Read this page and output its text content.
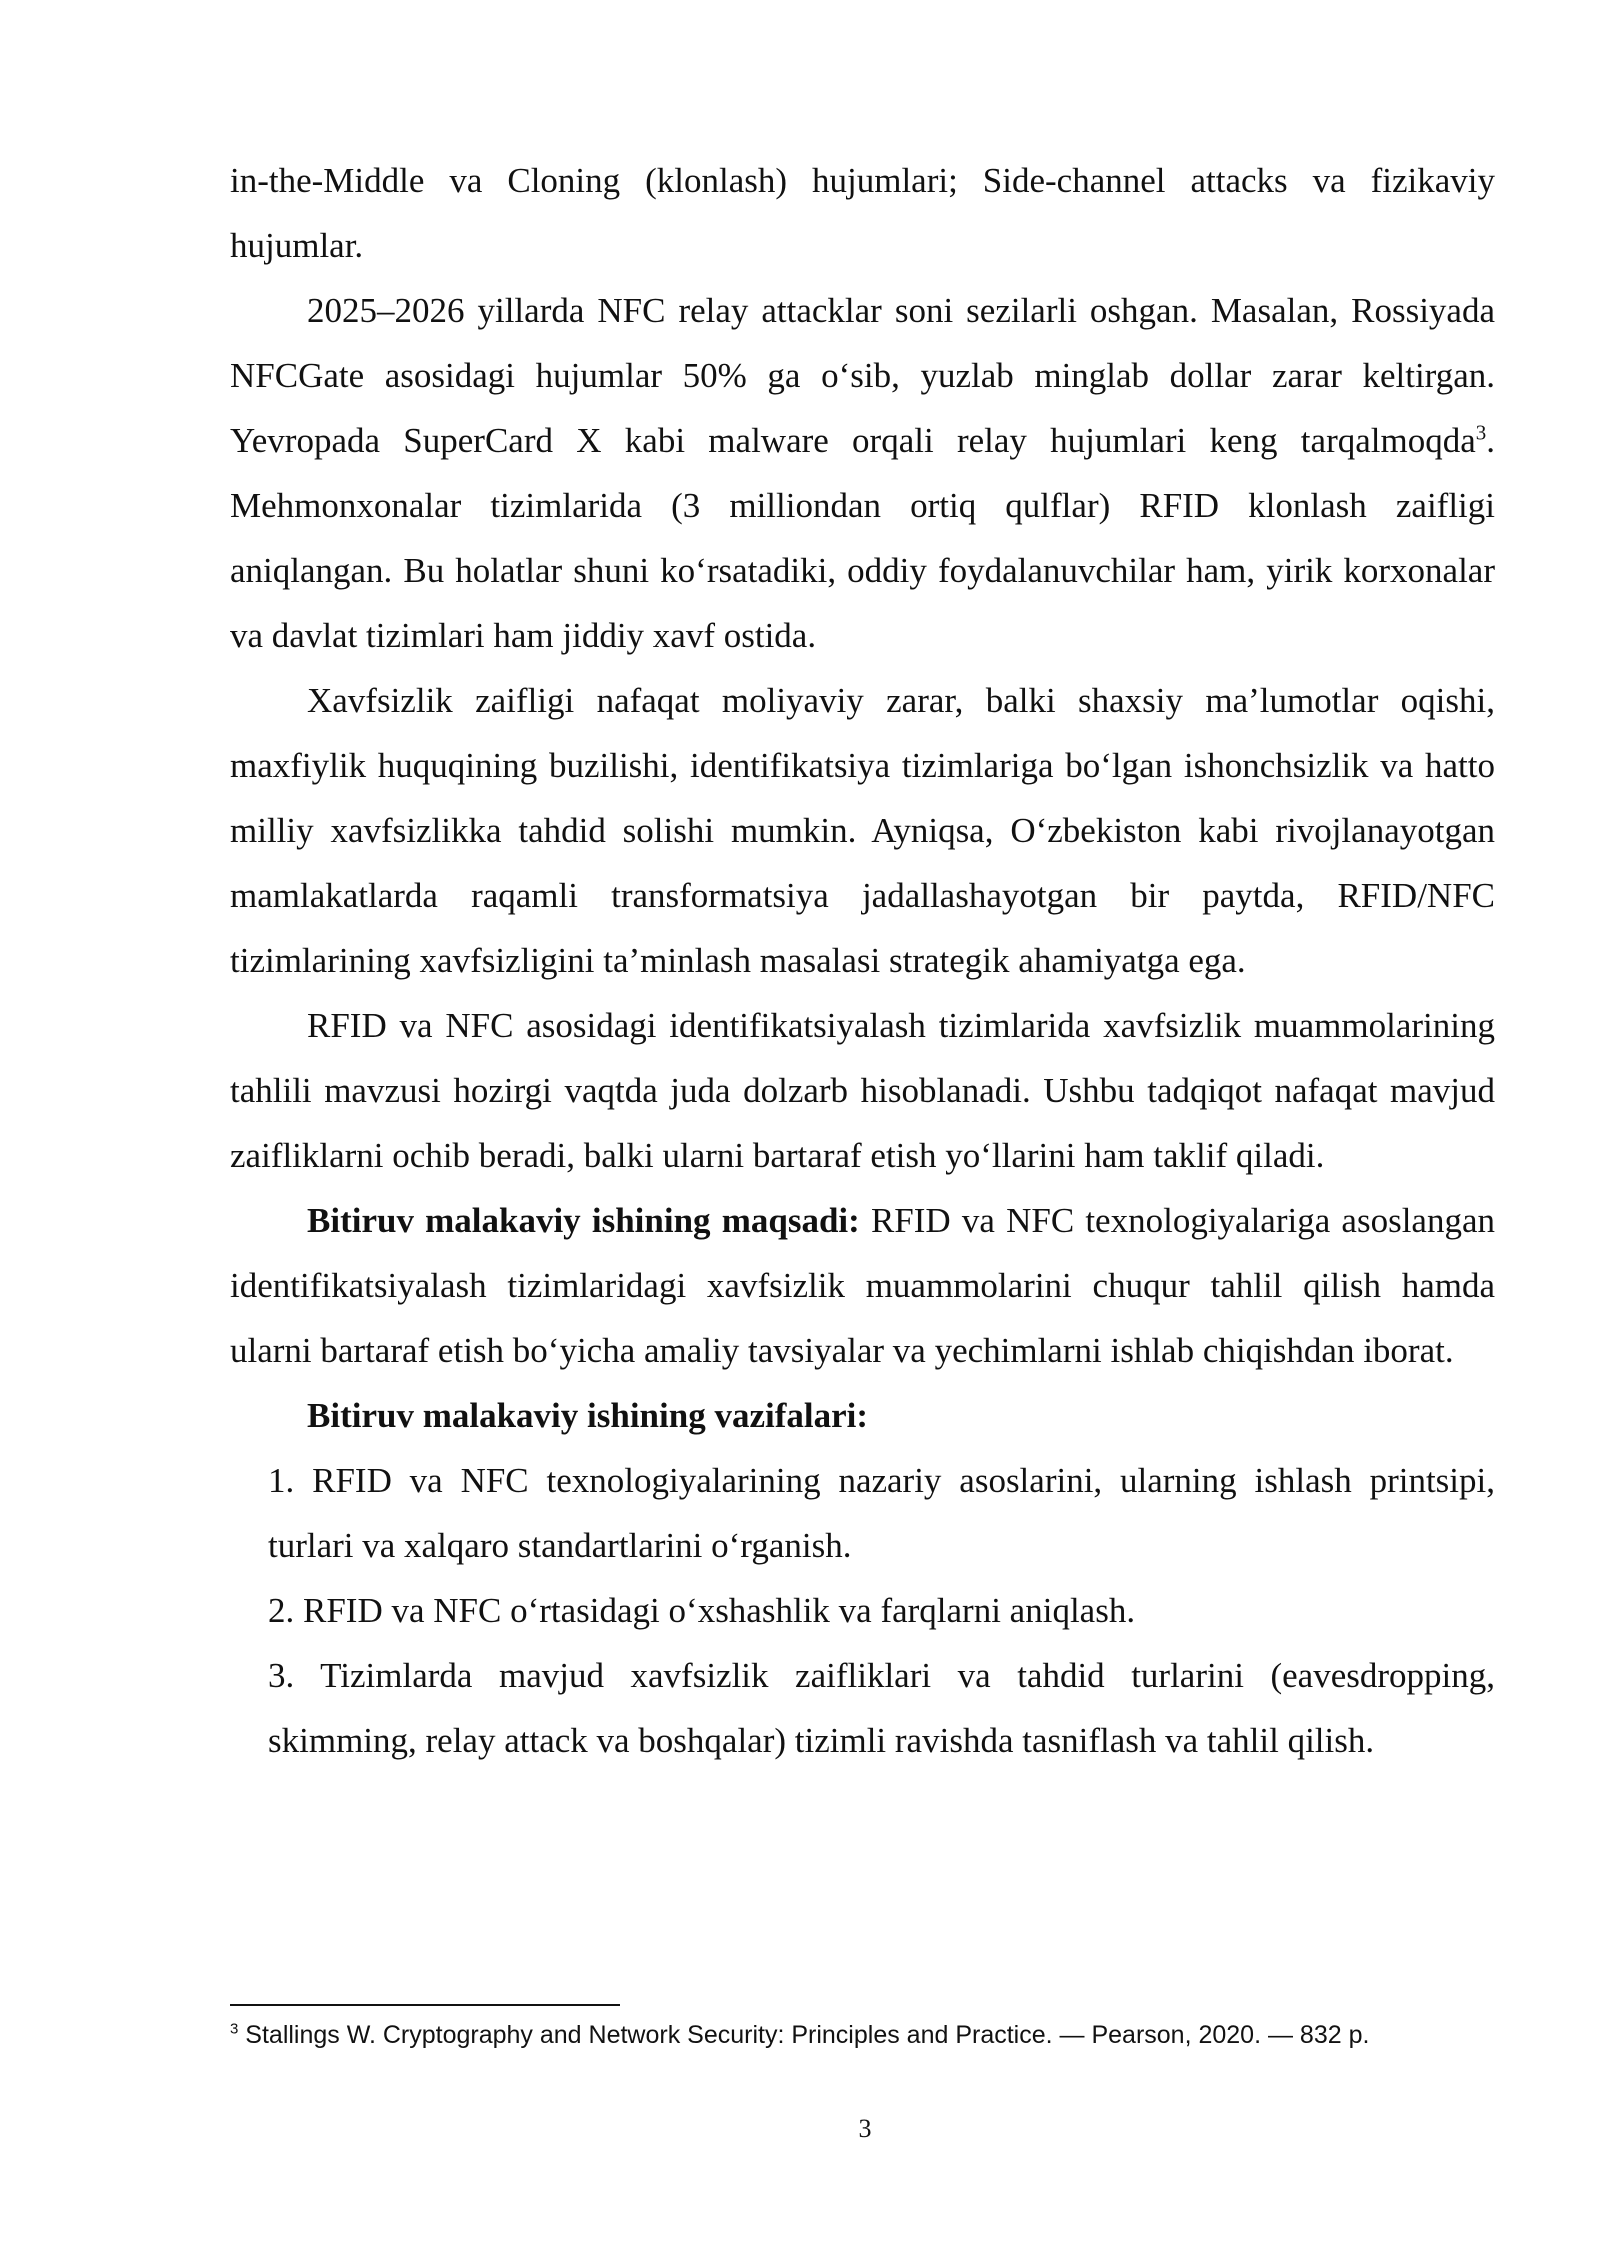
in-the-Middle va Cloning (klonlash) hujumlari; Side-channel attacks va fizikaviy hujumlar.

2025–2026 yillarda NFC relay attacklar soni sezilarli oshgan. Masalan, Rossiyada NFCGate asosidagi hujumlar 50% ga o‘sib, yuzlab minglab dollar zarar keltirgan. Yevropada SuperCard X kabi malware orqali relay hujumlari keng tarqalmoqda$^3$. Mehmonxonalar tizimlarida (3 milliondan ortiq qulflar) RFID klonlash zaifligi aniqlangan. Bu holatlar shuni ko‘rsatadiki, oddiy foydalanuvchilar ham, yirik korxonalar va davlat tizimlari ham jiddiy xavf ostida.

Xavfsizlik zaifligi nafaqat moliyaviy zarar, balki shaxsiy ma’lumotlar oqishi, maxfiylik huquqining buzilishi, identifikatsiya tizimlariga bo‘lgan ishonchsizlik va hatto milliy xavfsizlikka tahdid solishi mumkin. Ayniqsa, O‘zbekiston kabi rivojlanayotgan mamlakatlarda raqamli transformatsiya jadallashayotgan bir paytda, RFID/NFC tizimlarining xavfsizligini ta’minlash masalasi strategik ahamiyatga ega.

RFID va NFC asosidagi identifikatsiyalash tizimlarida xavfsizlik muammolarining tahlili mavzusi hozirgi vaqtda juda dolzarb hisoblanadi. Ushbu tadqiqot nafaqat mavjud zaifliklarni ochib beradi, balki ularni bartaraf etish yo‘llarini ham taklif qiladi.

Bitiruv malakaviy ishining maqsadi: RFID va NFC texnologiyalariga asoslangan identifikatsiyalash tizimlaridagi xavfsizlik muammolarini chuqur tahlil qilish hamda ularni bartaraf etish bo‘yicha amaliy tavsiyalar va yechimlarni ishlab chiqishdan iborat.

Bitiruv malakaviy ishining vazifalari:

1. RFID va NFC texnologiyalarining nazariy asoslarini, ularning ishlash printsipi, turlari va xalqaro standartlarini o‘rganish.
2. RFID va NFC o‘rtasidagi o‘xshashlik va farqlarni aniqlash.
3. Tizimlarda mavjud xavfsizlik zaifliklari va tahdid turlarini (eavesdropping, skimming, relay attack va boshqalar) tizimli ravishda tasniflash va tahlil qilish.
$^3$ Stallings W. Cryptography and Network Security: Principles and Practice. — Pearson, 2020. — 832 p.
3
